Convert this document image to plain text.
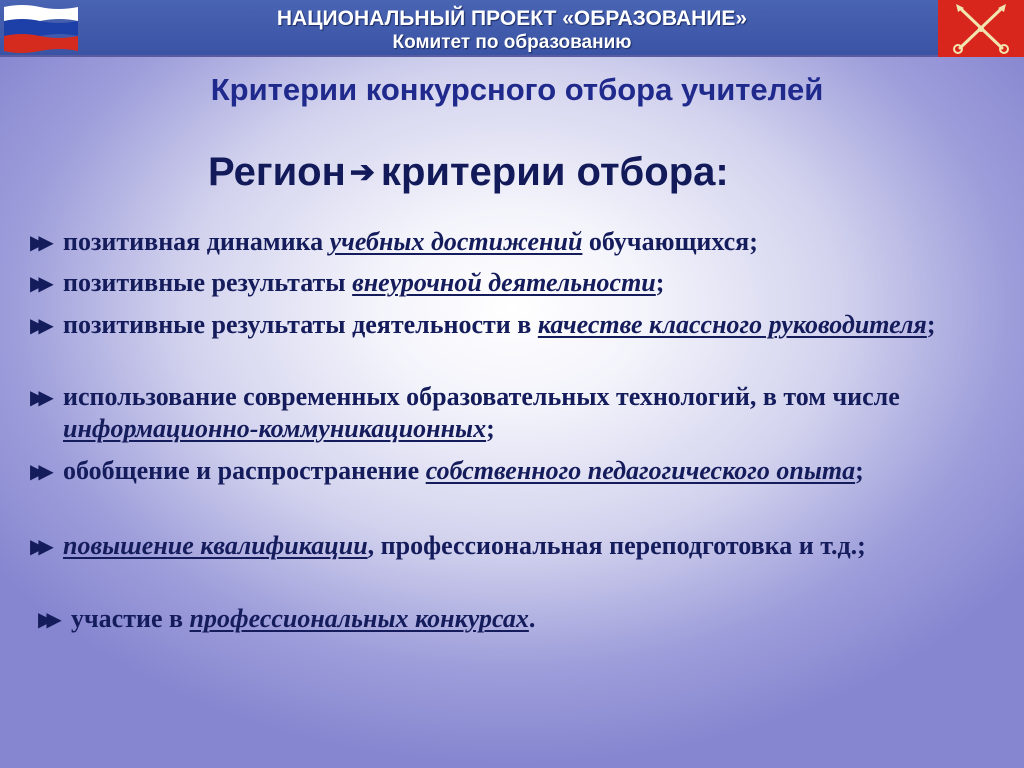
НАЦИОНАЛЬНЫЙ ПРОЕКТ «ОБРАЗОВАНИЕ»
Комитет по образованию
Критерии конкурсного отбора учителей
Регион ➔ критерии отбора:
▶▶ позитивная динамика учебных достижений обучающихся;
▶▶ позитивные результаты внеурочной деятельности;
▶▶ позитивные результаты деятельности в качестве классного руководителя;
▶▶ использование современных образовательных технологий, в том числе информационно-коммуникационных;
▶▶ обобщение и распространение собственного педагогического опыта;
▶▶ повышение квалификации, профессиональная переподготовка и т.д.;
▶▶ участие в профессиональных конкурсах.
